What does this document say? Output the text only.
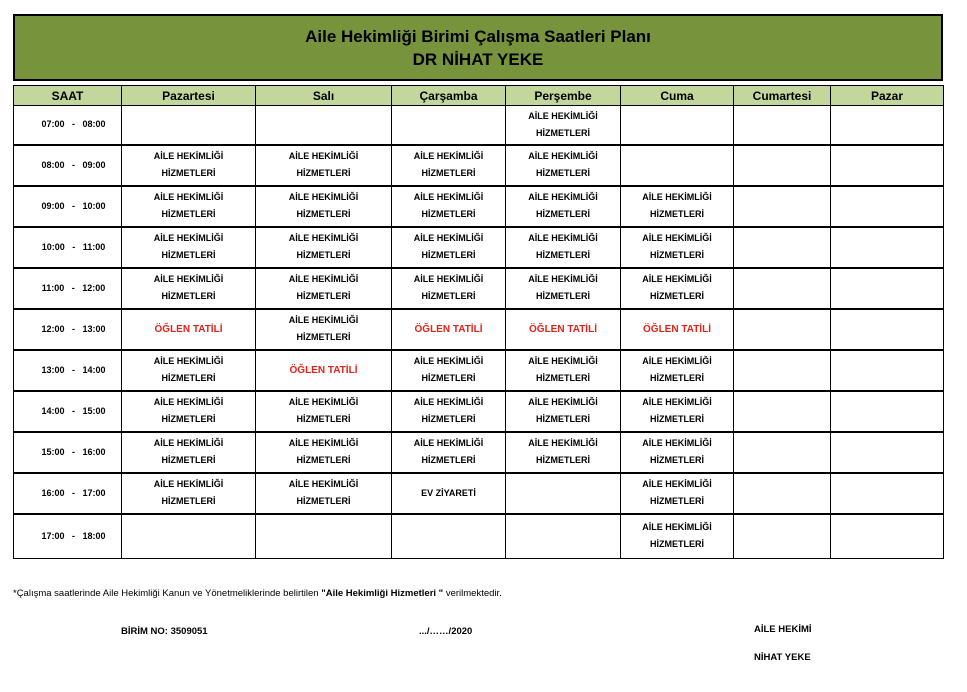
Aile Hekimliği Birimi Çalışma Saatleri Planı
DR NİHAT YEKE
SAAT	Pazartesi	Salı	Çarşamba	Perşembe	Cuma	Cumartesi	Pazar
07:00   -   08:00				AİLE HEKİMLİĞİ
HİZMETLERİ			

08:00   -   09:00	AİLE HEKİMLİĞİ
HİZMETLERİ	AİLE HEKİMLİĞİ
HİZMETLERİ	AİLE HEKİMLİĞİ
HİZMETLERİ	AİLE HEKİMLİĞİ
HİZMETLERİ			

09:00   -   10:00	AİLE HEKİMLİĞİ
HİZMETLERİ	AİLE HEKİMLİĞİ
HİZMETLERİ	AİLE HEKİMLİĞİ
HİZMETLERİ	AİLE HEKİMLİĞİ
HİZMETLERİ	AİLE HEKİMLİĞİ
HİZMETLERİ		

10:00   -   11:00	AİLE HEKİMLİĞİ
HİZMETLERİ	AİLE HEKİMLİĞİ
HİZMETLERİ	AİLE HEKİMLİĞİ
HİZMETLERİ	AİLE HEKİMLİĞİ
HİZMETLERİ	AİLE HEKİMLİĞİ
HİZMETLERİ		

11:00   -   12:00	AİLE HEKİMLİĞİ
HİZMETLERİ	AİLE HEKİMLİĞİ
HİZMETLERİ	AİLE HEKİMLİĞİ
HİZMETLERİ	AİLE HEKİMLİĞİ
HİZMETLERİ	AİLE HEKİMLİĞİ
HİZMETLERİ		

12:00   -   13:00	ÖĞLEN TATİLİ	AİLE HEKİMLİĞİ
HİZMETLERİ	ÖĞLEN TATİLİ	ÖĞLEN TATİLİ	ÖĞLEN TATİLİ		

13:00   -   14:00	AİLE HEKİMLİĞİ
HİZMETLERİ	ÖĞLEN TATİLİ	AİLE HEKİMLİĞİ
HİZMETLERİ	AİLE HEKİMLİĞİ
HİZMETLERİ	AİLE HEKİMLİĞİ
HİZMETLERİ		

14:00   -   15:00	AİLE HEKİMLİĞİ
HİZMETLERİ	AİLE HEKİMLİĞİ
HİZMETLERİ	AİLE HEKİMLİĞİ
HİZMETLERİ	AİLE HEKİMLİĞİ
HİZMETLERİ	AİLE HEKİMLİĞİ
HİZMETLERİ		

15:00   -   16:00	AİLE HEKİMLİĞİ
HİZMETLERİ	AİLE HEKİMLİĞİ
HİZMETLERİ	AİLE HEKİMLİĞİ
HİZMETLERİ	AİLE HEKİMLİĞİ
HİZMETLERİ	AİLE HEKİMLİĞİ
HİZMETLERİ		

16:00   -   17:00	AİLE HEKİMLİĞİ
HİZMETLERİ	AİLE HEKİMLİĞİ
HİZMETLERİ	EV ZİYARETİ		AİLE HEKİMLİĞİ
HİZMETLERİ		

17:00   -   18:00					AİLE HEKİMLİĞİ
HİZMETLERİ		

*Çalışma saatlerinde Aile Hekimliği Kanun ve Yönetmeliklerinde belirtilen "Aile Hekimliği Hizmetleri " verilmektedir.
BİRİM NO: 3509051	.../……/2020	AİLE HEKİMİ
NİHAT YEKE
